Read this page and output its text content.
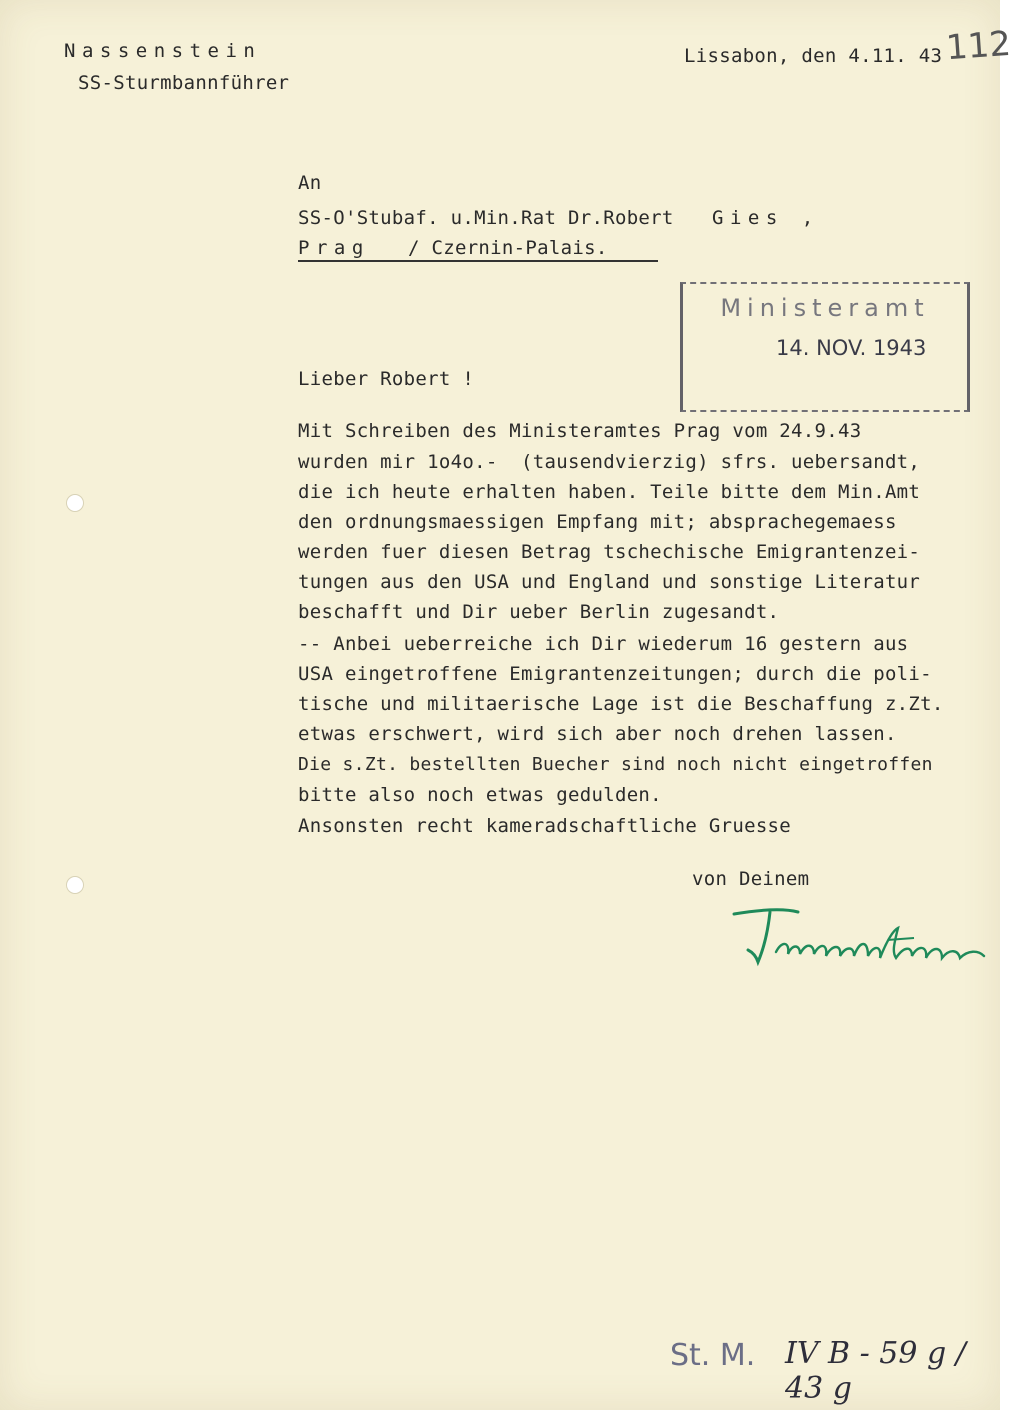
Nassenstein
SS-Sturmbannführer
Lissabon, den 4.11. 43 112
An
SS-O'Stubaf. u.Min.Rat Dr.Robert Gies ,
Prag / Czernin-Palais.
Ministeramt
14. NOV. 1943
Lieber Robert !
Mit Schreiben des Ministeramtes Prag vom 24.9.43
wurden mir 1o4o.-  (tausendvierzig) sfrs. uebersandt,
die ich heute erhalten haben. Teile bitte dem Min.Amt
den ordnungsmaessigen Empfang mit; absprachegemaess
werden fuer diesen Betrag tschechische Emigrantenzei-
tungen aus den USA und England und sonstige Literatur
beschafft und Dir ueber Berlin zugesandt.
-- Anbei ueberreiche ich Dir wiederum 16 gestern aus
USA eingetroffene Emigrantenzeitungen; durch die poli-
tische und militaerische Lage ist die Beschaffung z.Zt.
etwas erschwert, wird sich aber noch drehen lassen.
Die s.Zt. bestellten Buecher sind noch nicht eingetroffen
bitte also noch etwas gedulden.
Ansonsten recht kameradschaftliche Gruesse
von Deinem
St. M. IV B - 59 g / 43 g
